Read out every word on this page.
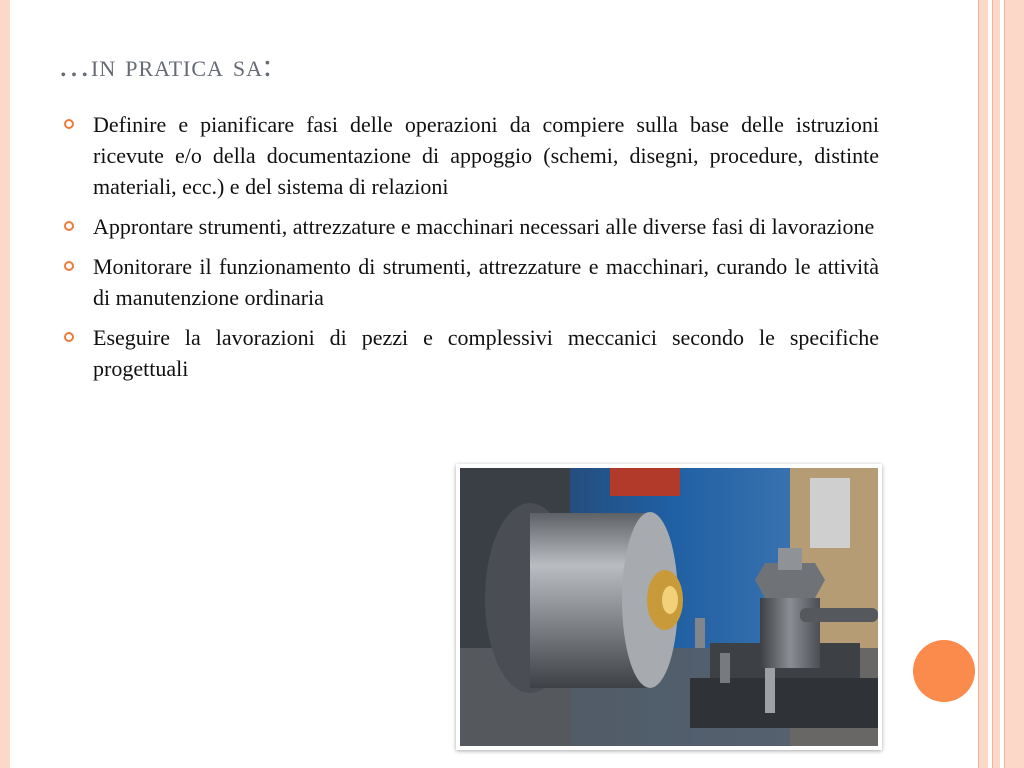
…in pratica sa:
Definire e pianificare fasi delle operazioni da compiere sulla base delle istruzioni ricevute e/o della documentazione di appoggio (schemi, disegni, procedure, distinte materiali, ecc.) e del sistema di relazioni
Approntare strumenti, attrezzature e macchinari necessari alle diverse fasi di lavorazione
Monitorare il funzionamento di strumenti, attrezzature e macchinari, curando le attività di manutenzione ordinaria
Eseguire la lavorazioni di pezzi e complessivi meccanici secondo le specifiche progettuali
